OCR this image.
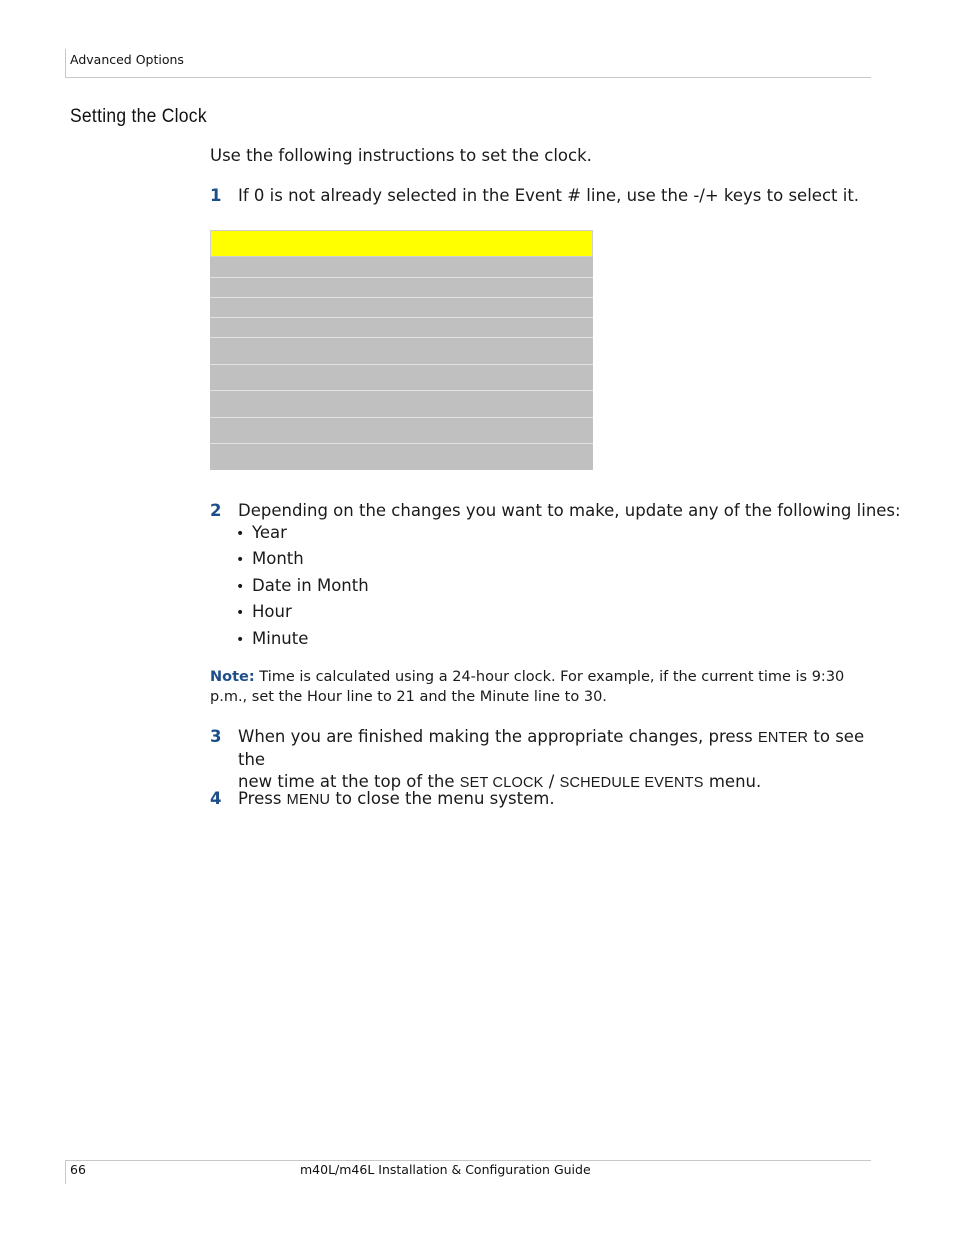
Advanced Options
Setting the Clock
Use the following instructions to set the clock.
1 If 0 is not already selected in the Event # line, use the -/+ keys to select it.
2 Depending on the changes you want to make, update any of the following lines:
• Year
• Month
• Date in Month
• Hour
• Minute
Note: Time is calculated using a 24-hour clock. For example, if the current time is 9:30 p.m., set the Hour line to 21 and the Minute line to 30.
3 When you are finished making the appropriate changes, press ENTER to see the
new time at the top of the SET CLOCK / SCHEDULE EVENTS menu.
4 Press MENU to close the menu system.
66	m40L/m46L Installation & Configuration Guide
